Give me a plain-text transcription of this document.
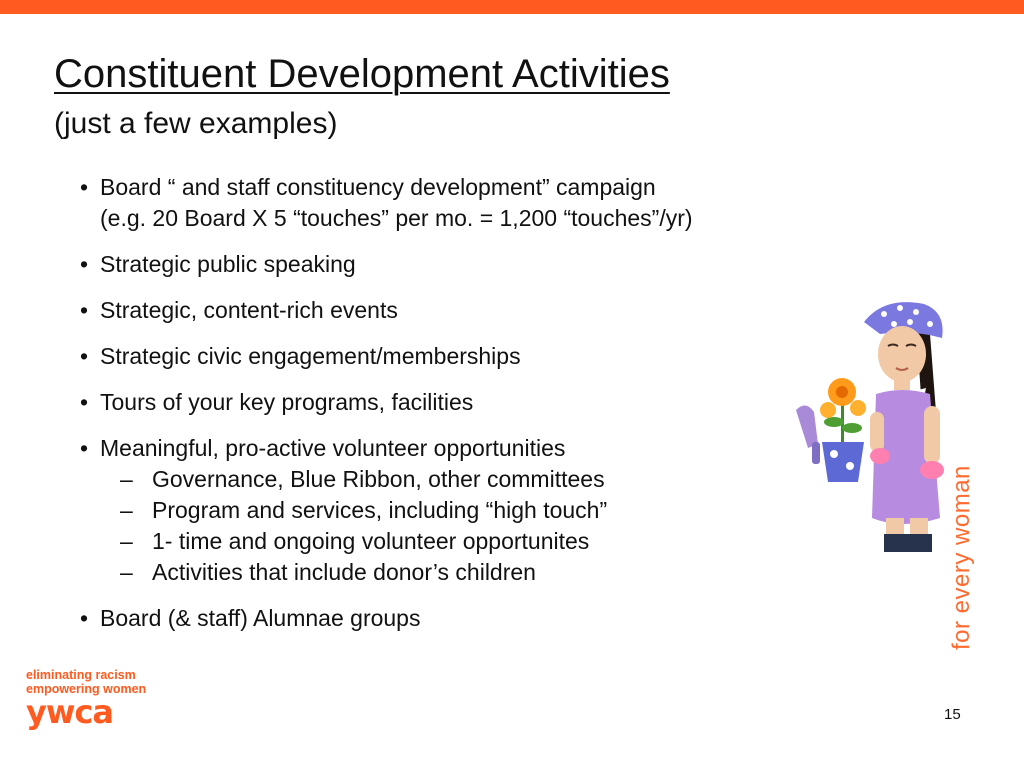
Constituent Development Activities
(just a few examples)
• Board “ and staff constituency development” campaign
(e.g. 20 Board X 5 “touches” per mo. = 1,200 “touches”/yr)
• Strategic public speaking
• Strategic, content-rich events
• Strategic civic engagement/memberships
• Tours of your key programs, facilities
• Meaningful, pro-active volunteer opportunities
– Governance, Blue Ribbon, other committees
– Program and services, including “high touch”
– 1- time and ongoing volunteer opportunites
– Activities that include donor’s children
• Board (& staff) Alumnae groups	for every woman
eliminating racism
empowering women
ywca	15
